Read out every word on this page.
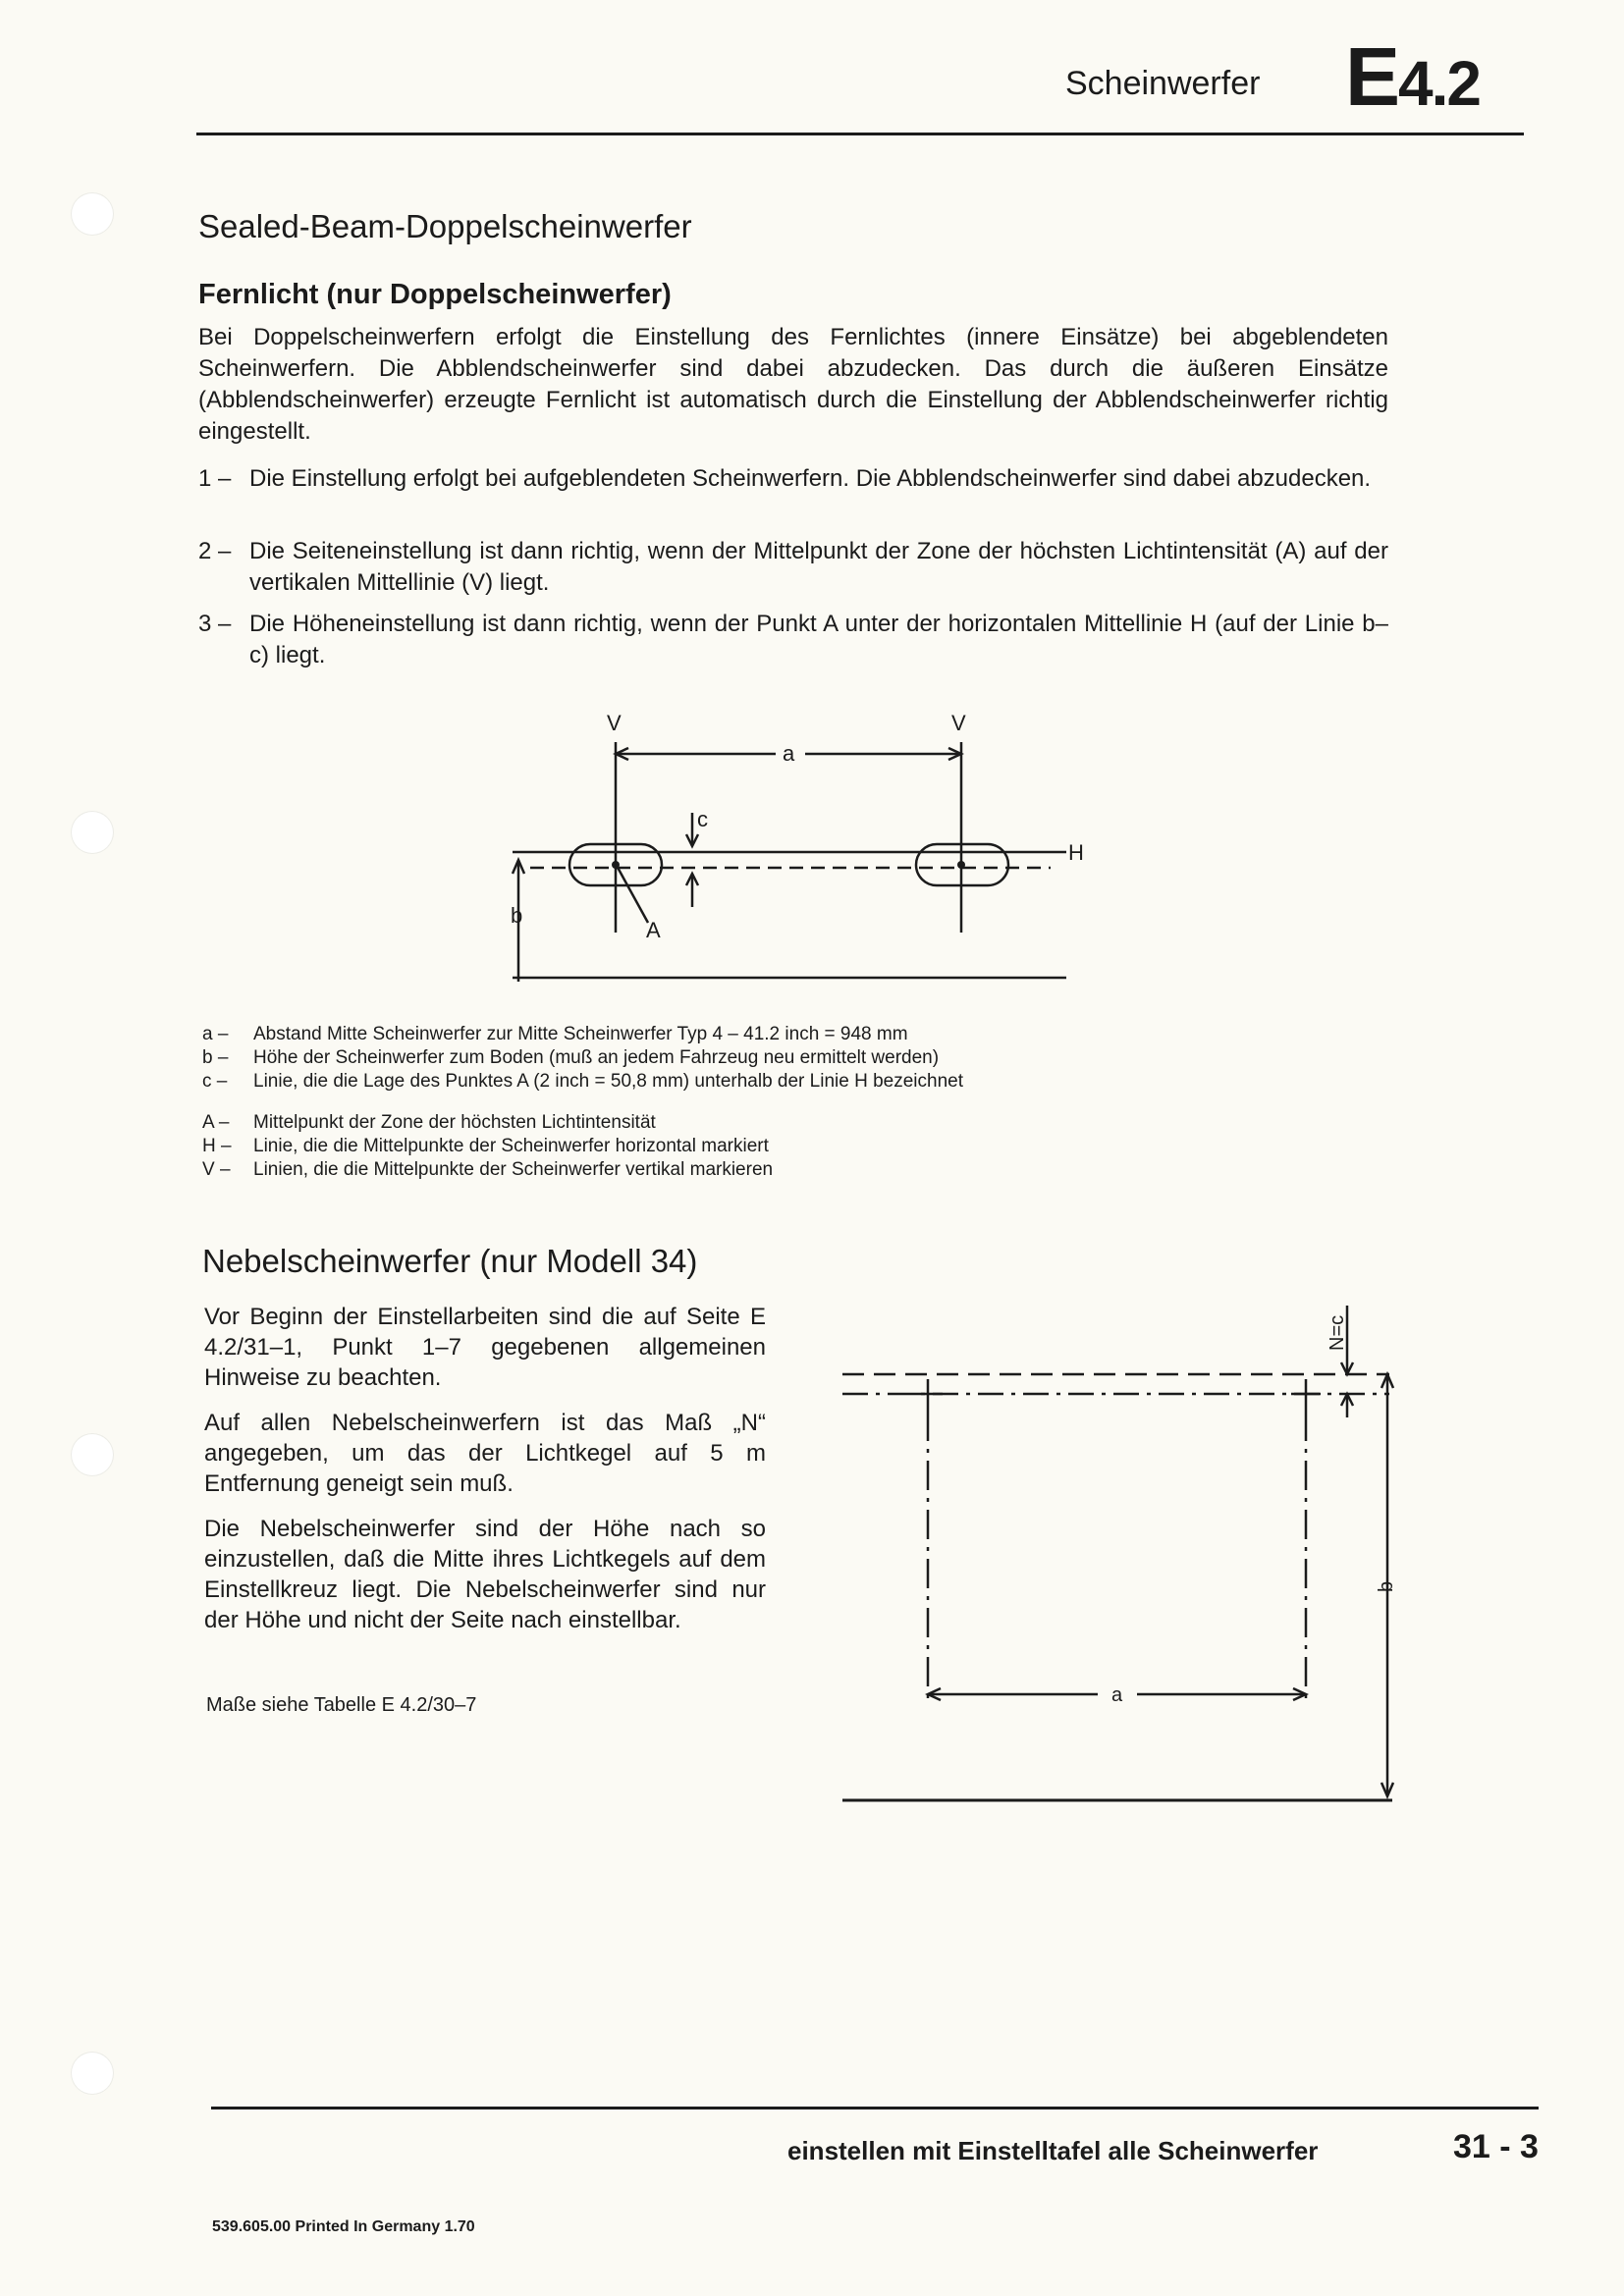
Scheinwerfer E4.2
Sealed-Beam-Doppelscheinwerfer
Fernlicht (nur Doppelscheinwerfer)
Bei Doppelscheinwerfern erfolgt die Einstellung des Fernlichtes (innere Einsätze) bei abgeblendeten Scheinwerfern. Die Abblendscheinwerfer sind dabei abzudecken. Das durch die äußeren Einsätze (Abblendscheinwerfer) erzeugte Fernlicht ist automatisch durch die Einstellung der Abblendscheinwerfer richtig eingestellt.
1 – Die Einstellung erfolgt bei aufgeblendeten Scheinwerfern. Die Abblendscheinwerfer sind dabei abzudecken.
2 – Die Seiteneinstellung ist dann richtig, wenn der Mittelpunkt der Zone der höchsten Lichtintensität (A) auf der vertikalen Mittellinie (V) liegt.
3 – Die Höheneinstellung ist dann richtig, wenn der Punkt A unter der horizontalen Mittellinie H (auf der Linie b–c) liegt.
V	V
a
c
H
b
A
a – Abstand Mitte Scheinwerfer zur Mitte Scheinwerfer Typ 4 – 41.2 inch = 948 mm
b – Höhe der Scheinwerfer zum Boden (muß an jedem Fahrzeug neu ermittelt werden)
c – Linie, die die Lage des Punktes A (2 inch = 50,8 mm) unterhalb der Linie H bezeichnet
A – Mittelpunkt der Zone der höchsten Lichtintensität
H – Linie, die die Mittelpunkte der Scheinwerfer horizontal markiert
V – Linien, die die Mittelpunkte der Scheinwerfer vertikal markieren
Nebelscheinwerfer (nur Modell 34)
Vor Beginn der Einstellarbeiten sind die auf Seite E 4.2/31–1, Punkt 1–7 gegebenen allgemeinen Hinweise zu beachten.
Auf allen Nebelscheinwerfern ist das Maß „N“ angegeben, um das der Lichtkegel auf 5 m Entfernung geneigt sein muß.
Die Nebelscheinwerfer sind der Höhe nach so einzustellen, daß die Mitte ihres Lichtkegels auf dem Einstellkreuz liegt. Die Nebelscheinwerfer sind nur der Höhe und nicht der Seite nach einstellbar.
Maße siehe Tabelle E 4.2/30–7
N=c
b
a
einstellen mit Einstelltafel alle Scheinwerfer	31 - 3
539.605.00 Printed In Germany 1.70
